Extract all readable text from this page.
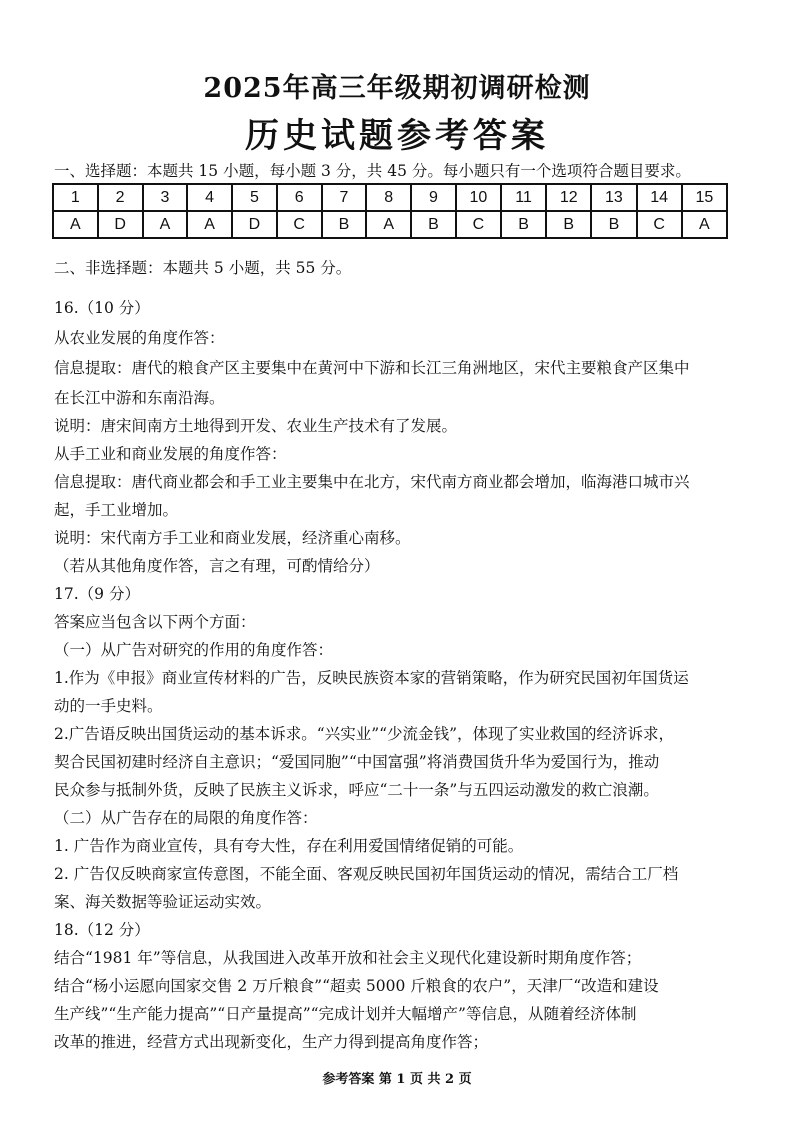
2025年高三年级期初调研检测
历史试题参考答案
一、选择题：本题共 15 小题，每小题 3 分，共 45 分。每小题只有一个选项符合题目要求。
1	2	3	4	5	6	7	8	9	10	11	12	13	14	15
A	D	A	A	D	C	B	A	B	C	B	B	B	C	A
二、非选择题：本题共 5 小题，共 55 分。
16.（10 分）
从农业发展的角度作答：
信息提取：唐代的粮食产区主要集中在黄河中下游和长江三角洲地区，宋代主要粮食产区集中
在长江中游和东南沿海。
说明：唐宋间南方土地得到开发、农业生产技术有了发展。
从手工业和商业发展的角度作答：
信息提取：唐代商业都会和手工业主要集中在北方，宋代南方商业都会增加，临海港口城市兴
起，手工业增加。
说明：宋代南方手工业和商业发展，经济重心南移。
（若从其他角度作答，言之有理，可酌情给分）
17.（9 分）
答案应当包含以下两个方面：
（一）从广告对研究的作用的角度作答：
1.作为《申报》商业宣传材料的广告，反映民族资本家的营销策略，作为研究民国初年国货运
动的一手史料。
2.广告语反映出国货运动的基本诉求。“兴实业”“少流金钱”，体现了实业救国的经济诉求，
契合民国初建时经济自主意识；“爱国同胞”“中国富强”将消费国货升华为爱国行为，推动
民众参与抵制外货，反映了民族主义诉求，呼应“二十一条”与五四运动激发的救亡浪潮。
（二）从广告存在的局限的角度作答：
1. 广告作为商业宣传，具有夸大性，存在利用爱国情绪促销的可能。
2. 广告仅反映商家宣传意图，不能全面、客观反映民国初年国货运动的情况，需结合工厂档
案、海关数据等验证运动实效。
18.（12 分）
结合“1981 年”等信息，从我国进入改革开放和社会主义现代化建设新时期角度作答；
结合“杨小运愿向国家交售 2 万斤粮食”“超卖 5000 斤粮食的农户”，天津厂“改造和建设
生产线”“生产能力提高”“日产量提高”“完成计划并大幅增产”等信息，从随着经济体制
改革的推进，经营方式出现新变化，生产力得到提高角度作答；
参考答案 第 1 页 共 2 页
